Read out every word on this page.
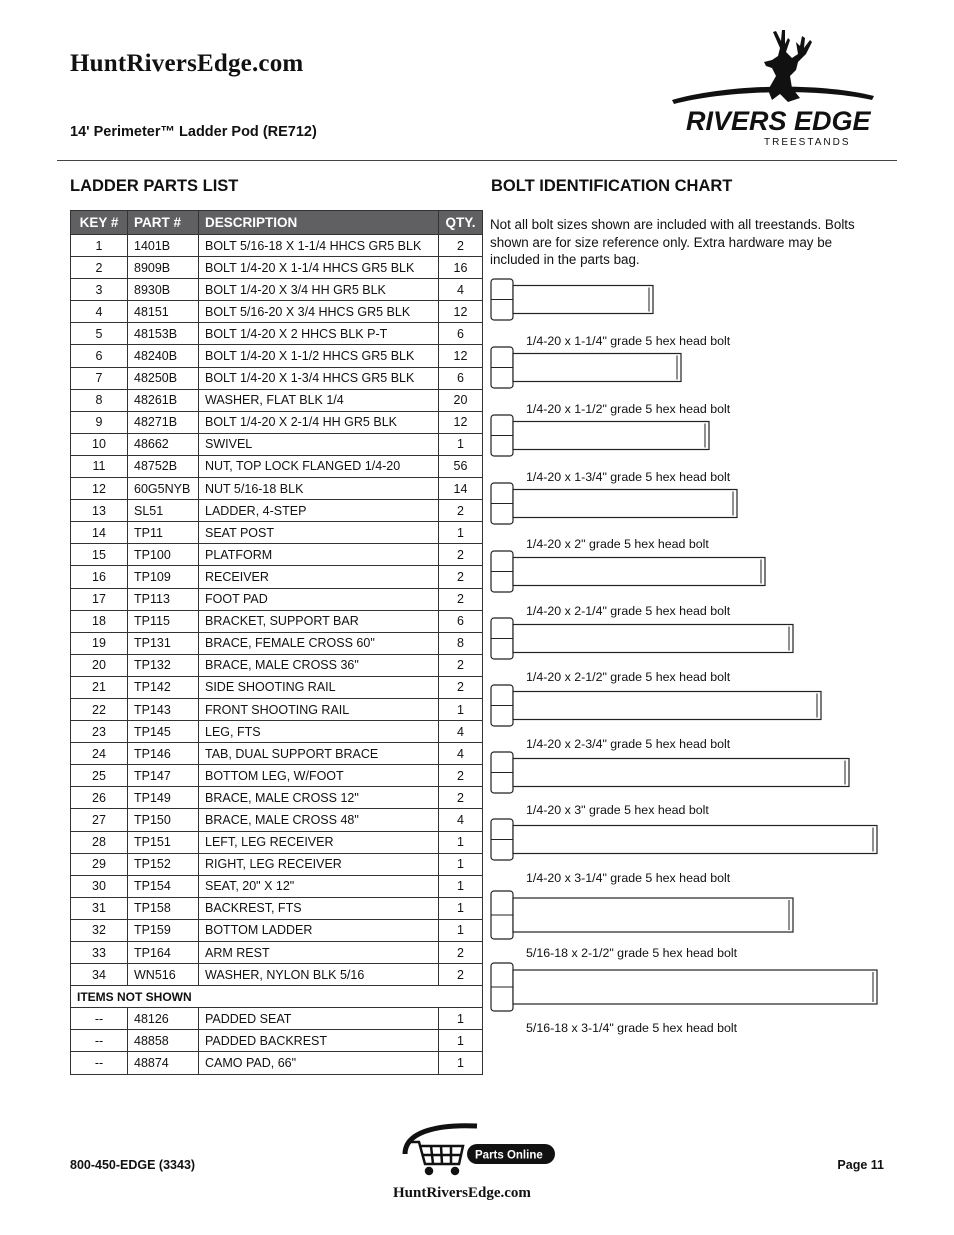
HuntRiversEdge.com
14' Perimeter™ Ladder Pod (RE712)	RIVERS EDGE
TREESTANDS
LADDER PARTS LIST	BOLT IDENTIFICATION CHART
KEY #	PART #	DESCRIPTION	QTY.
1	1401B	BOLT 5/16-18 X 1-1/4 HHCS GR5 BLK	2
2	8909B	BOLT 1/4-20 X 1-1/4 HHCS GR5 BLK	16
3	8930B	BOLT 1/4-20 X 3/4 HH GR5 BLK	4
4	48151	BOLT 5/16-20 X 3/4 HHCS GR5 BLK	12
5	48153B	BOLT 1/4-20 X 2 HHCS BLK P-T	6
6	48240B	BOLT 1/4-20 X 1-1/2 HHCS GR5 BLK	12
7	48250B	BOLT 1/4-20 X 1-3/4 HHCS GR5 BLK	6
8	48261B	WASHER, FLAT BLK 1/4	20
9	48271B	BOLT 1/4-20 X 2-1/4 HH GR5 BLK	12
10	48662	SWIVEL	1
11	48752B	NUT, TOP LOCK FLANGED 1/4-20	56
12	60G5NYB	NUT 5/16-18 BLK	14
13	SL51	LADDER, 4-STEP	2
14	TP11	SEAT POST	1
15	TP100	PLATFORM	2
16	TP109	RECEIVER	2
17	TP113	FOOT PAD	2
18	TP115	BRACKET, SUPPORT BAR	6
19	TP131	BRACE, FEMALE CROSS 60"	8
20	TP132	BRACE, MALE CROSS 36"	2
21	TP142	SIDE SHOOTING RAIL	2
22	TP143	FRONT SHOOTING RAIL	1
23	TP145	LEG, FTS	4
24	TP146	TAB, DUAL SUPPORT BRACE	4
25	TP147	BOTTOM LEG, W/FOOT	2
26	TP149	BRACE, MALE CROSS 12"	2
27	TP150	BRACE, MALE CROSS 48"	4
28	TP151	LEFT, LEG RECEIVER	1
29	TP152	RIGHT, LEG RECEIVER	1
30	TP154	SEAT, 20" X 12"	1
31	TP158	BACKREST, FTS	1
32	TP159	BOTTOM LADDER	1
33	TP164	ARM REST	2
34	WN516	WASHER, NYLON BLK 5/16	2
ITEMS NOT SHOWN			
--	48126	PADDED SEAT	1
--	48858	PADDED BACKREST	1
--	48874	CAMO PAD, 66"	1
Not all bolt sizes shown are included with all treestands. Bolts shown are for size reference only. Extra hardware may be included in the parts bag.
1/4-20 x 1-1/4" grade 5 hex head bolt
1/4-20 x 1-1/2" grade 5 hex head bolt
1/4-20 x 1-3/4" grade 5 hex head bolt
1/4-20 x 2" grade 5 hex head bolt
1/4-20 x 2-1/4" grade 5 hex head bolt
1/4-20 x 2-1/2" grade 5 hex head bolt
1/4-20 x 2-3/4" grade 5 hex head bolt
1/4-20 x 3" grade 5 hex head bolt
1/4-20 x 3-1/4" grade 5 hex head bolt
5/16-18 x 2-1/2" grade 5 hex head bolt
5/16-18 x 3-1/4" grade 5 hex head bolt
800-450-EDGE (3343)
Parts Online
Page 11
HuntRiversEdge.com
